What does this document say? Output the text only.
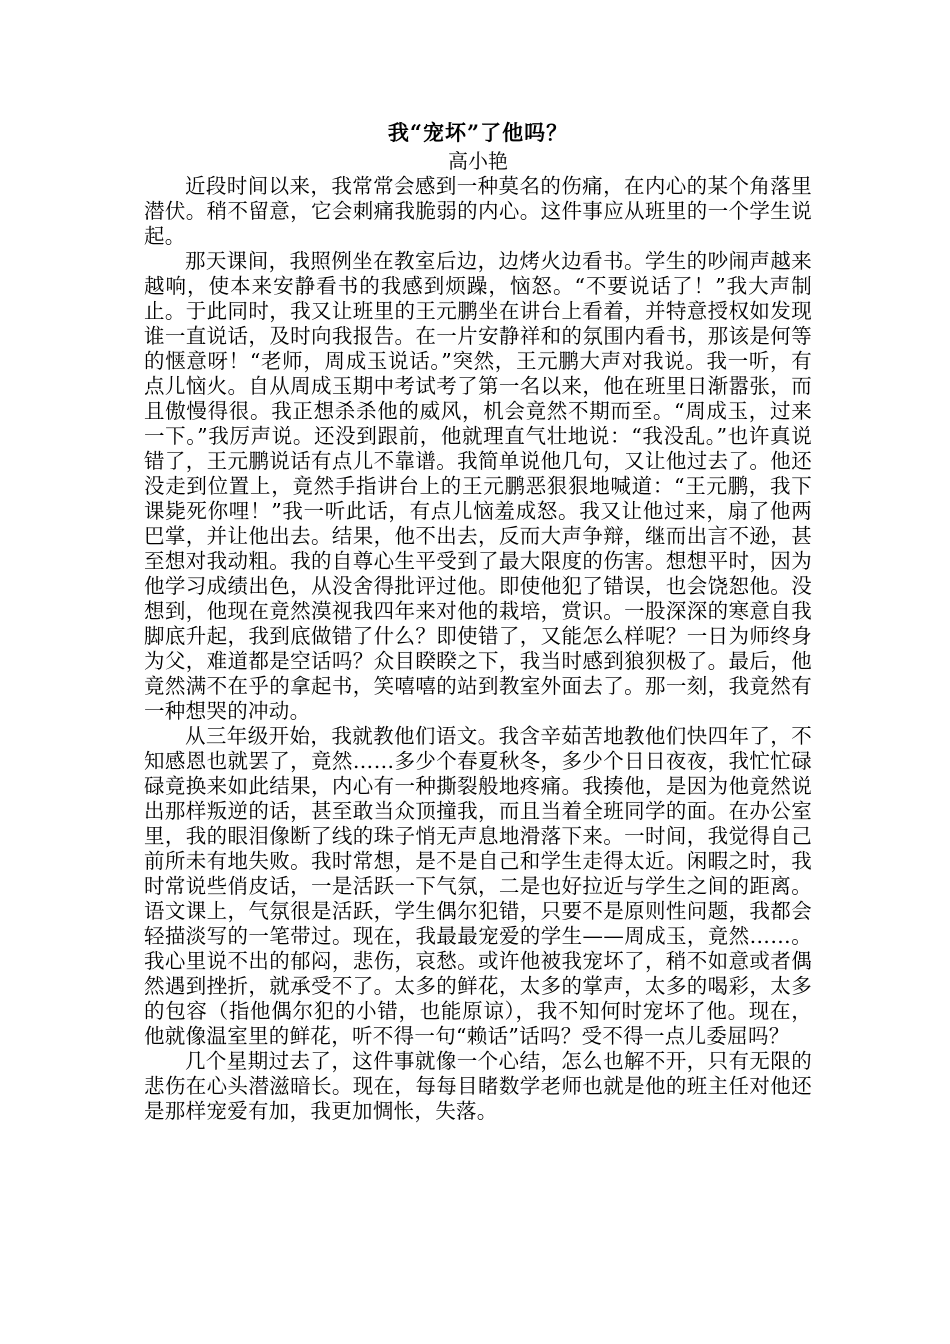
我“宠坏”了他吗？

高小艳

近段时间以来，我常常会感到一种莫名的伤痛，在内心的某个角落里潜伏。稍不留意，它会刺痛我脆弱的内心。这件事应从班里的一个学生说起。

那天课间，我照例坐在教室后边，边烤火边看书。学生的吵闹声越来越响，使本来安静看书的我感到烦躁，恼怒。“不要说话了！”我大声制止。于此同时，我又让班里的王元鹏坐在讲台上看着，并特意授权如发现谁一直说话，及时向我报告。在一片安静祥和的氛围内看书，那该是何等的惬意呀！“老师，周成玉说话。”突然，王元鹏大声对我说。我一听，有点儿恼火。自从周成玉期中考试考了第一名以来，他在班里日渐嚣张，而且傲慢得很。我正想杀杀他的威风，机会竟然不期而至。“周成玉，过来一下。”我厉声说。还没到跟前，他就理直气壮地说：“我没乱。”也许真说错了，王元鹏说话有点儿不靠谱。我简单说他几句，又让他过去了。他还没走到位置上，竟然手指讲台上的王元鹏恶狠狠地喊道：“王元鹏，我下课毙死你哩！”我一听此话，有点儿恼羞成怒。我又让他过来，扇了他两巴掌，并让他出去。结果，他不出去，反而大声争辩，继而出言不逊，甚至想对我动粗。我的自尊心生平受到了最大限度的伤害。想想平时，因为他学习成绩出色，从没舍得批评过他。即使他犯了错误，也会饶恕他。没想到，他现在竟然漠视我四年来对他的栽培，赏识。一股深深的寒意自我脚底升起，我到底做错了什么？即使错了，又能怎么样呢？一日为师终身为父，难道都是空话吗？众目睽睽之下，我当时感到狼狈极了。最后，他竟然满不在乎的拿起书，笑嘻嘻的站到教室外面去了。那一刻，我竟然有一种想哭的冲动。

从三年级开始，我就教他们语文。我含辛茹苦地教他们快四年了，不知感恩也就罢了，竟然……多少个春夏秋冬，多少个日日夜夜，我忙忙碌碌竟换来如此结果，内心有一种撕裂般地疼痛。我揍他，是因为他竟然说出那样叛逆的话，甚至敢当众顶撞我，而且当着全班同学的面。在办公室里，我的眼泪像断了线的珠子悄无声息地滑落下来。一时间，我觉得自己前所未有地失败。我时常想，是不是自己和学生走得太近。闲暇之时，我时常说些俏皮话，一是活跃一下气氛，二是也好拉近与学生之间的距离。语文课上，气氛很是活跃，学生偶尔犯错，只要不是原则性问题，我都会轻描淡写的一笔带过。现在，我最最宠爱的学生——周成玉，竟然……。我心里说不出的郁闷，悲伤，哀愁。或许他被我宠坏了，稍不如意或者偶然遇到挫折，就承受不了。太多的鲜花，太多的掌声，太多的喝彩，太多的包容（指他偶尔犯的小错，也能原谅），我不知何时宠坏了他。现在，他就像温室里的鲜花，听不得一句“赖话”话吗？受不得一点儿委屈吗？

几个星期过去了，这件事就像一个心结，怎么也解不开，只有无限的悲伤在心头潜滋暗长。现在，每每目睹数学老师也就是他的班主任对他还是那样宠爱有加，我更加惆怅，失落。
